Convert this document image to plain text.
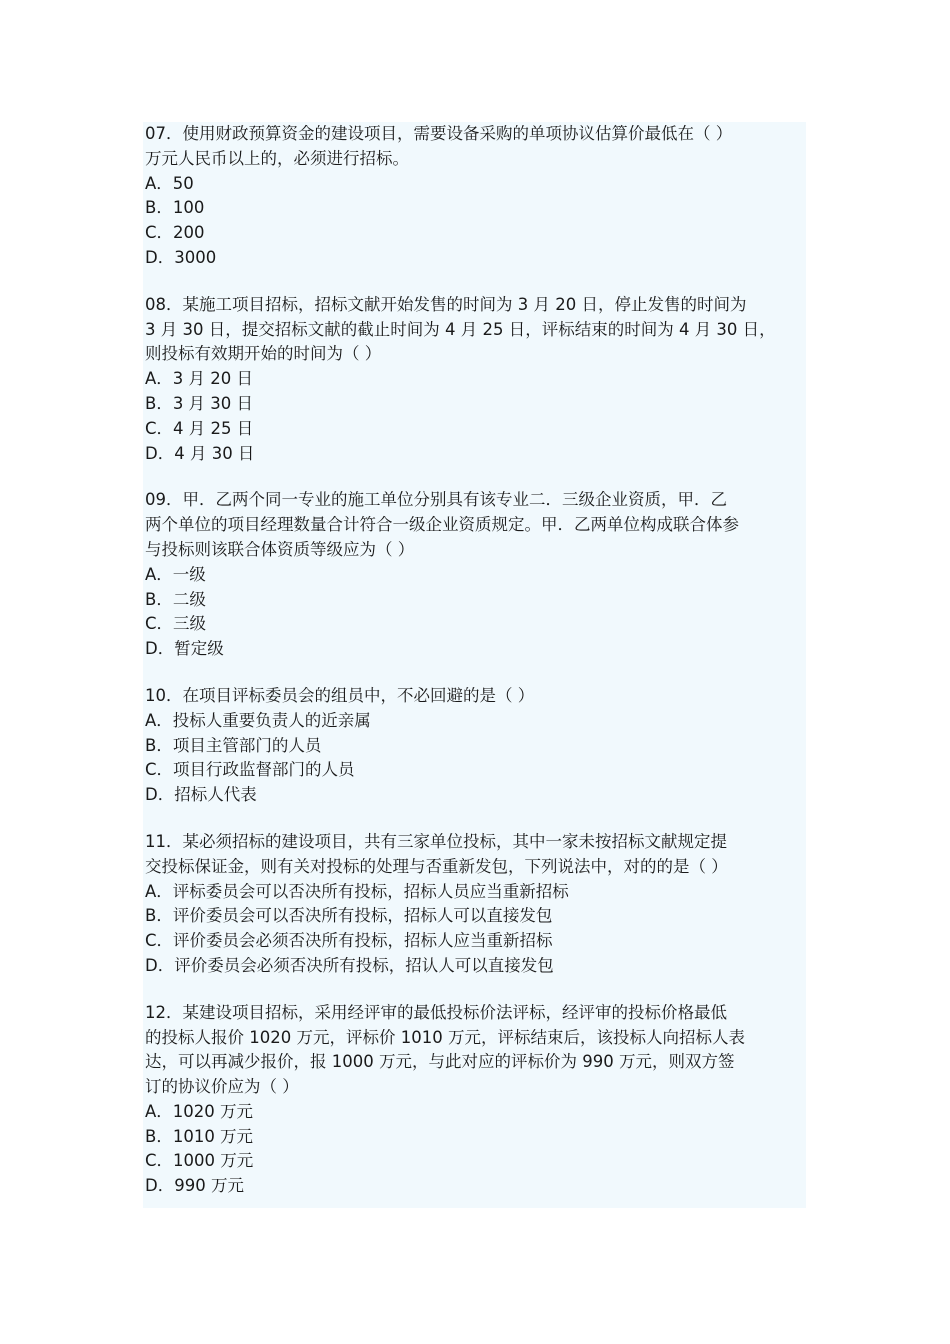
07．使用财政预算资金的建设项目，需要设备采购的单项协议估算价最低在（ ）

万元人民币以上的，必须进行招标。

A．50

B．100

C．200

D．3000

08．某施工项目招标，招标文献开始发售的时间为 3 月 20 日，停止发售的时间为

3 月 30 日，提交招标文献的截止时间为 4 月 25 日，评标结束的时间为 4 月 30 日，

则投标有效期开始的时间为（ ）

A．3 月 20 日

B．3 月 30 日

C．4 月 25 日

D．4 月 30 日

09．甲．乙两个同一专业的施工单位分别具有该专业二．三级企业资质，甲．乙

两个单位的项目经理数量合计符合一级企业资质规定。甲．乙两单位构成联合体参

与投标则该联合体资质等级应为（ ）

A．一级

B．二级

C．三级

D．暂定级

10．在项目评标委员会的组员中，不必回避的是（ ）

A．投标人重要负责人的近亲属

B．项目主管部门的人员

C．项目行政监督部门的人员

D．招标人代表

11．某必须招标的建设项目，共有三家单位投标，其中一家未按招标文献规定提

交投标保证金，则有关对投标的处理与否重新发包，下列说法中，对的的是（ ）

A．评标委员会可以否决所有投标，招标人员应当重新招标

B．评价委员会可以否决所有投标，招标人可以直接发包

C．评价委员会必须否决所有投标，招标人应当重新招标

D．评价委员会必须否决所有投标，招认人可以直接发包

12．某建设项目招标，采用经评审的最低投标价法评标，经评审的投标价格最低

的投标人报价 1020 万元，评标价 1010 万元，评标结束后，该投标人向招标人表

达，可以再减少报价，报 1000 万元，与此对应的评标价为 990 万元，则双方签

订的协议价应为（ ）

A．1020 万元

B．1010 万元

C．1000 万元

D．990 万元
